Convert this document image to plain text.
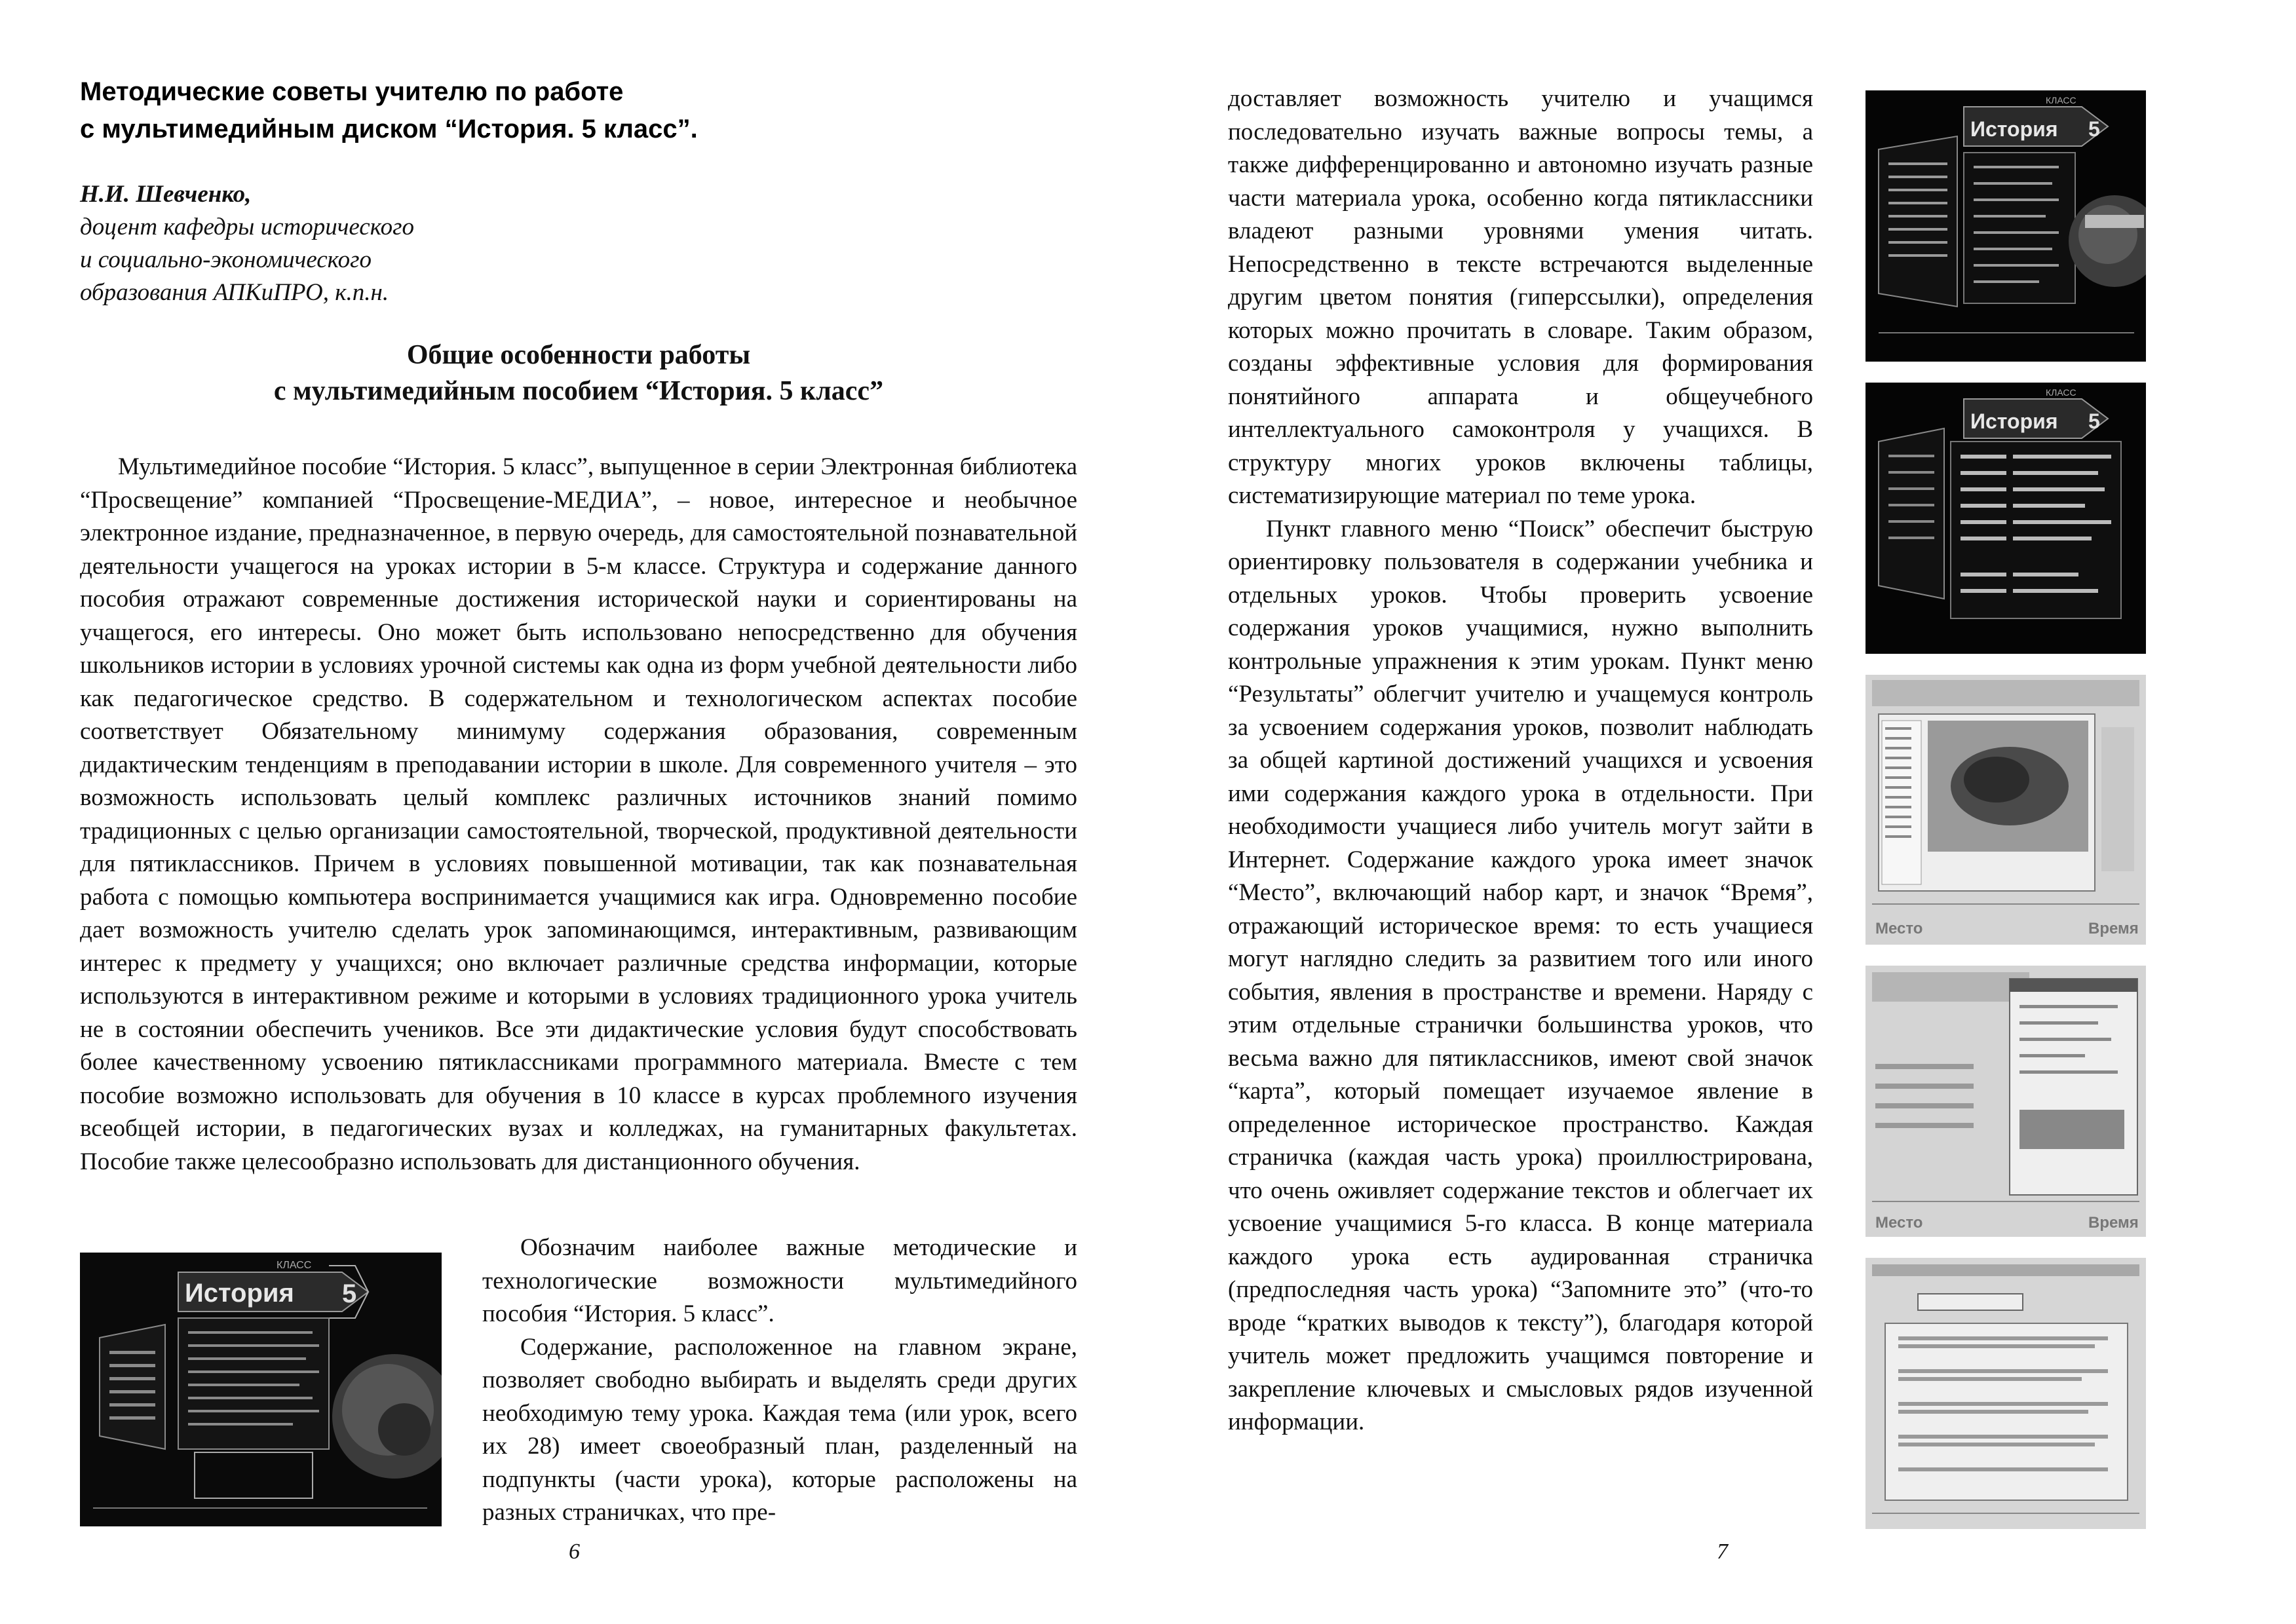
Методические советы учителю по работе
с мультимедийным диском “История. 5 класс”.
Н.И. Шевченко,
доцент кафедры исторического
и социально-экономического
образования АПКиПРО, к.п.н.
Общие особенности работы
с мультимедийным пособием “История. 5 класс”

Мультимедийное пособие “История. 5 класс”, выпущенное в серии Электронная библиотека “Просвещение” компанией “Просвещение-МЕДИА”, – новое, интересное и необычное электронное издание, предназначенное, в первую очередь, для самостоятельной познавательной деятельности учащегося на уроках истории в 5-м классе. Структура и содержание данного пособия отражают современные достижения исторической науки и сориентированы на учащегося, его интересы. Оно может быть использовано непосредственно для обучения школьников истории в условиях урочной системы как одна из форм учебной деятельности либо как педагогическое средство. В содержательном и технологическом аспектах пособие соответствует Обязательному минимуму содержания образования, современным дидактическим тенденциям в преподавании истории в школе. Для современного учителя – это возможность использовать целый комплекс различных источников знаний помимо традиционных с целью организации самостоятельной, творческой, продуктивной деятельности для пятиклассников. Причем в условиях повышенной мотивации, так как познавательная работа с помощью компьютера воспринимается учащимися как игра. Одновременно пособие дает возможность учителю сделать урок запоминающимся, интерактивным, развивающим интерес к предмету у учащихся; оно включает различные средства информации, которые используются в интерактивном режиме и которыми в условиях традиционного урока учитель не в состоянии обеспечить учеников. Все эти дидактические условия будут способствовать более качественному усвоению пятиклассниками программного материала. Вместе с тем пособие возможно использовать для обучения в 10 классе в курсах проблемного изучения всеобщей истории, в педагогических вузах и колледжах, на гуманитарных факультетах. Пособие также целесообразно использовать для дистанционного обучения.

История
КЛАСС
5

Обозначим наиболее важные методические и технологические возможности мультимедийного пособия “История. 5 класс”.

Содержание, расположенное на главном экране, позволяет свободно выбирать и выделять среди других необходимую тему урока. Каждая тема (или урок, всего их 28) имеет своеобразный план, разделенный на подпункты (части урока), которые расположены на разных страничках, что пре-

6

доставляет возможность учителю и учащимся последовательно изучать важные вопросы темы, а также дифференцированно и автономно изучать разные части материала урока, особенно когда пятиклассники владеют разными уровнями умения читать. Непосредственно в тексте встречаются выделенные другим цветом понятия (гиперссылки), определения которых можно прочитать в словаре. Таким образом, созданы эффективные условия для формирования понятийного аппарата и общеучебного интеллектуального самоконтроля у учащихся. В структуру многих уроков включены таблицы, систематизирующие материал по теме урока.

Пункт главного меню “Поиск” обеспечит быструю ориентировку пользователя в содержании учебника и отдельных уроков. Чтобы проверить усвоение содержания уроков учащимися, нужно выполнить контрольные упражнения к этим урокам. Пункт меню “Результаты” облегчит учителю и учащемуся контроль за усвоением содержания уроков, позволит наблюдать за общей картиной достижений учащихся и усвоения ими содержания каждого урока в отдельности. При необходимости учащиеся либо учитель могут зайти в Интернет. Содержание каждого урока имеет значок “Место”, включающий набор карт, и значок “Время”, отражающий историческое время: то есть учащиеся могут наглядно следить за развитием того или иного события, явления в пространстве и времени. Наряду с этим отдельные странички большинства уроков, что весьма важно для пятиклассников, имеют свой значок “карта”, который помещает изучаемое явление в определенное историческое пространство. Каждая страничка (каждая часть урока) проиллюстрирована, что очень оживляет содержание текстов и облегчает их усвоение учащимися 5-го класса. В конце материала каждого урока есть аудированная страничка (предпоследняя часть урока) “Запомните это” (что-то вроде “кратких выводов к тексту”), благодаря которой учитель может предложить учащимся повторение и закрепление ключевых и смысловых рядов изученной информации.

История
КЛАСС
5
История
КЛАСС
5
Место	Время
Место	Время
7
